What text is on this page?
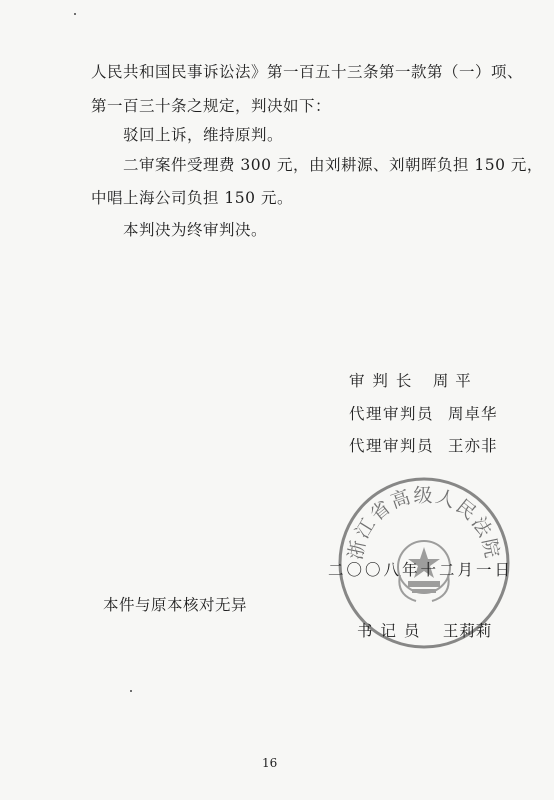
人民共和国民事诉讼法》第一百五十三条第一款第（一）项、
第一百三十条之规定，判决如下：
驳回上诉，维持原判。
二审案件受理费 300 元，由刘耕源、刘朝晖负担 150 元，
中唱上海公司负担 150 元。
本判决为终审判决。
审 判 长 周 平
代理审判员 周卓华
代理审判员 王亦非
浙江省高级人民法院
二〇〇八年十二月一日
本件与原本核对无异
书 记 员 王莉莉
16
